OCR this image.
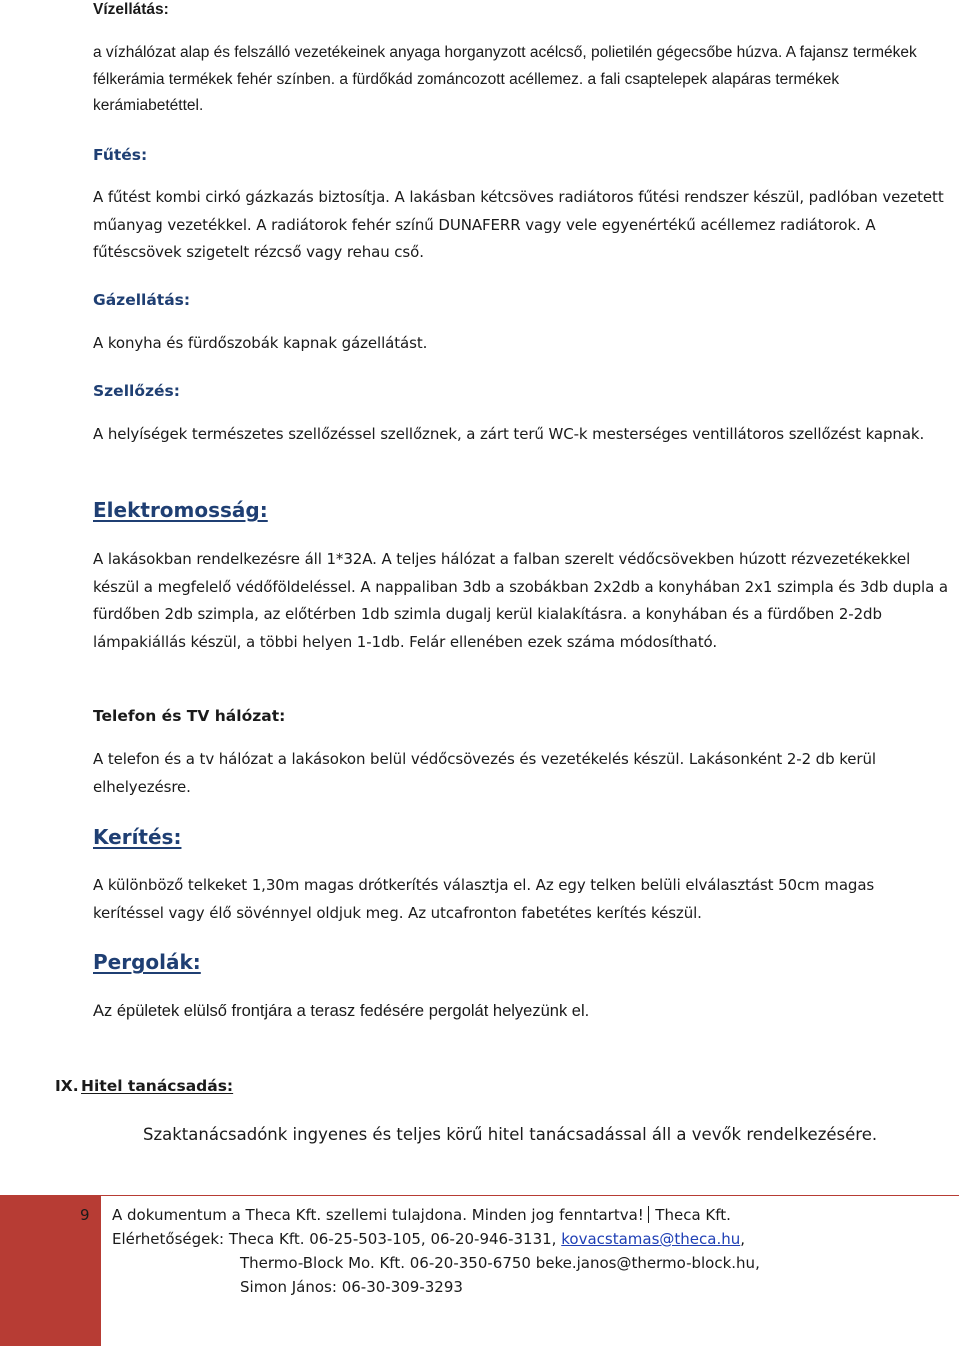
Vízellátás:

a vízhálózat alap és felszálló vezetékeinek anyaga horganyzott acélcső, polietilén gégecsőbe húzva. A fajansz termékek félkerámia termékek fehér színben. a fürdőkád zománcozott acéllemez. a fali csaptelepek alapáras termékek kerámiabetéttel.

Fűtés:

A fűtést kombi cirkó gázkazás biztosítja. A lakásban kétcsöves radiátoros fűtési rendszer készül, padlóban vezetett műanyag vezetékkel. A radiátorok fehér színű DUNAFERR vagy vele egyenértékű acéllemez radiátorok. A fűtéscsövek szigetelt rézcső vagy rehau cső.

Gázellátás:

A konyha és fürdőszobák kapnak gázellátást.

Szellőzés:

A helyíségek természetes szellőzéssel szellőznek, a zárt terű WC-k mesterséges ventillátoros szellőzést kapnak.

Elektromosság:

A lakásokban rendelkezésre áll 1*32A. A teljes hálózat a falban szerelt védőcsövekben húzott rézvezetékekkel készül a megfelelő védőföldeléssel. A nappaliban 3db a szobákban 2x2db a konyhában 2x1 szimpla és 3db dupla a fürdőben 2db szimpla, az előtérben 1db szimla dugalj kerül kialakításra. a konyhában és a fürdőben 2-2db lámpakiállás készül, a többi helyen 1-1db. Felár ellenében ezek száma módosítható.

Telefon és TV hálózat:

A telefon és a tv hálózat a lakásokon belül védőcsövezés és vezetékelés készül. Lakásonként 2-2 db kerül elhelyezésre.

Kerítés:

A különböző telkeket 1,30m magas drótkerítés választja el. Az egy telken belüli elválasztást 50cm magas kerítéssel vagy élő sövénnyel oldjuk meg. Az utcafronton fabetétes kerítés készül.

Pergolák:

Az épületek elülső frontjára a terasz fedésére pergolát helyezünk el.

IX. Hitel tanácsadás:

Szaktanácsadónk ingyenes és teljes körű hitel tanácsadással áll a vevők rendelkezésére.

9 A dokumentum a Theca Kft. szellemi tulajdona. Minden jog fenntartva! Theca Kft.
Elérhetőségek: Theca Kft. 06-25-503-105, 06-20-946-3131, kovacstamas@theca.hu,
Thermo-Block Mo. Kft. 06-20-350-6750 beke.janos@thermo-block.hu,
Simon János: 06-30-309-3293
